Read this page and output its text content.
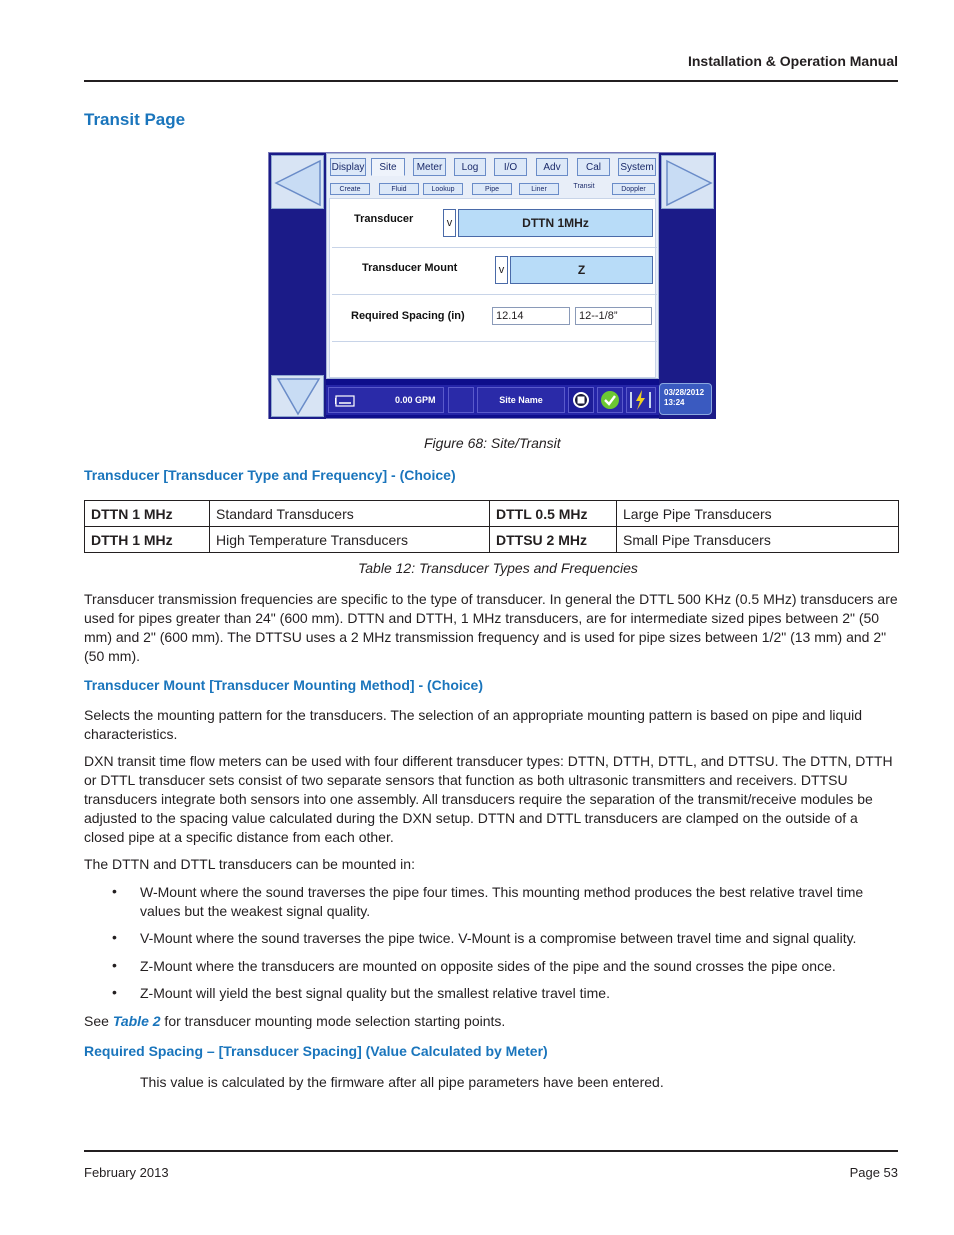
Installation & Operation Manual
Transit Page
Display	Site	Meter	Log	I/O	Adv	Cal	System
Create	Fluid	Lookup	Pipe	Liner	Transit	Doppler
Transducer	v	DTTN 1MHz
Transducer Mount	v	Z
Required Spacing (in)	12.14	12--1/8”
0.00 GPM	Site Name
03/28/2012
13:24
Figure 68: Site/Transit
Transducer [Transducer Type and Frequency] - (Choice)
DTTN 1 MHz	Standard Transducers	DTTL 0.5 MHz	Large Pipe Transducers
DTTH 1 MHz	High Temperature Transducers	DTTSU 2 MHz	Small Pipe Transducers
Table 12: Transducer Types and Frequencies
Transducer transmission frequencies are specific to the type of transducer. In general the DTTL 500 KHz (0.5 MHz) transducers are used for pipes greater than 24" (600 mm). DTTN and DTTH, 1 MHz transducers, are for intermediate sized pipes between 2" (50 mm) and 2" (600 mm). The DTTSU uses a 2 MHz transmission frequency and is used for pipe sizes between 1/2" (13 mm) and 2" (50 mm).
Transducer Mount [Transducer Mounting Method] - (Choice)
Selects the mounting pattern for the transducers. The selection of an appropriate mounting pattern is based on pipe and liquid characteristics.
DXN transit time flow meters can be used with four different transducer types: DTTN, DTTH, DTTL, and DTTSU. The DTTN, DTTH or DTTL transducer sets consist of two separate sensors that function as both ultrasonic transmitters and receivers. DTTSU transducers integrate both sensors into one assembly. All transducers require the separation of the transmit/receive modules be adjusted to the spacing value calculated during the DXN setup. DTTN and DTTL transducers are clamped on the outside of a closed pipe at a specific distance from each other.
The DTTN and DTTL transducers can be mounted in:
• W-Mount where the sound traverses the pipe four times. This mounting method produces the best relative travel time values but the weakest signal quality.
• V-Mount where the sound traverses the pipe twice. V-Mount is a compromise between travel time and signal quality.
• Z-Mount where the transducers are mounted on opposite sides of the pipe and the sound crosses the pipe once.
• Z-Mount will yield the best signal quality but the smallest relative travel time.
See Table 2 for transducer mounting mode selection starting points.
Required Spacing – [Transducer Spacing] (Value Calculated by Meter)
This value is calculated by the firmware after all pipe parameters have been entered.
February 2013	Page 53
